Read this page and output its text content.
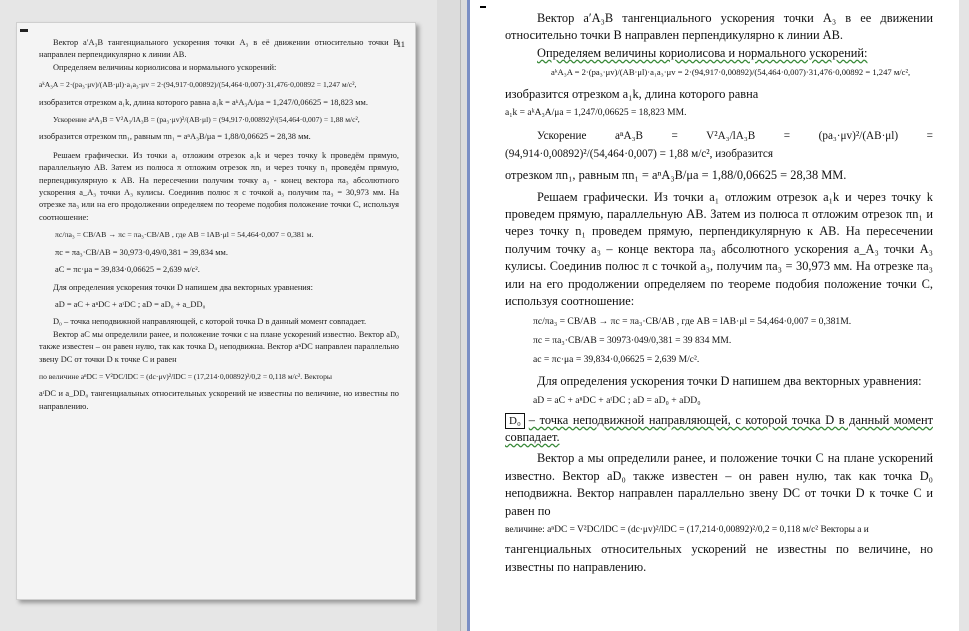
11

Вектор a′A₃B тангенциального ускорения точки A₃ в её движении относительно точки B направлен перпендикулярно к линии AB.

Определяем величины кориолисова и нормального ускорений:

aᵏA₃A = 2·(pa₃·μv)/(AB·μl)·a₁a₃·μv = 2·(94,917·0,00892)/(54,464·0,007)·31,476·0,00892 = 1,247 м/с²,

изобразится отрезком a₁k, длина которого равна a₁k = aᵏA₃A/μa = 1,247/0,06625 = 18,823 мм.

Ускорение aⁿA₃B = V²A₃/lA₃B = (pa₃·μv)²/(AB·μl) = (94,917·0,00892)²/(54,464·0,007) = 1,88 м/с²,

изобразится отрезком πn₁, равным πn₁ = aⁿA₃B/μa = 1,88/0,06625 = 28,38 мм.

Решаем графически. Из точки a₁ отложим отрезок a₁k и через точку k проведём прямую, параллельную AB. Затем из полюса π отложим отрезок πn₁ и через точку n₁ проведём прямую, перпендикулярную к AB. На пересечении получим точку a₃ - конец вектора πa₃ абсолютного ускорения a_A₃ точки A₃ кулисы. Соединив полюс π с точкой a₃ получим πa₃ = 30,973 мм. На отрезке πa₃ или на его продолжении определяем по теореме подобия положение точки C, используя соотношение:

πc/πa₃ = CB/AB → πc = πa₃·CB/AB , где AB = lAB·μl = 54,464·0,007 = 0,381 м.

πc = πa₃·CB/AB = 30,973·0,49/0,381 = 39,834 мм.

aC = πc·μa = 39,834·0,06625 = 2,639 м/с².

Для определения ускорения точки D напишем два векторных уравнения:

aD = aC + aⁿDC + aᵗDC ; aD = aD₀ + a_DD₀

D₀ – точка неподвижной направляющей, с которой точка D в данный момент совпадает.

Вектор aC мы определили ранее, и положение точки c на плане ускорений известно. Вектор aD₀ также известен – он равен нулю, так как точка D₀ неподвижна. Вектор aⁿDC направлен параллельно звену DC от точки D к точке C и равен

по величине aⁿDC = V²DC/lDC = (dc·μv)²/lDC = (17,214·0,00892)²/0,2 = 0,118 м/с². Векторы

aᵗDC и a_DD₀ тангенциальных относительных ускорений не известны по величине, но известны по направлению.

Вектор a′A₃B тангенциального ускорения точки A₃ в ее движении относительно точки B направлен перпендикулярно к линии AB.

Определяем величины кориолисова и нормального ускорений:

aᵏA₃A = 2·(pa₃·μv)/(AB·μl)·a₁a₃·μv = 2·(94,917·0,00892)/(54,464·0,007)·31,476·0,00892 = 1,247 м/с²,

изобразится отрезком a₁k, длина которого равна

a₁k = aᵏA₃A/μa = 1,247/0,06625 = 18,823 ММ.

Ускорение aⁿA₃B = V²A₃/lA₃B = (pa₃·μv)²/(AB·μl) = (94,914·0,00892)²/(54,464·0,007) = 1,88 м/с², изобразится

отрезком πn₁, равным πn₁ = aⁿA₃B/μa = 1,88/0,06625 = 28,38 ММ.

Решаем графически. Из точки a₁ отложим отрезок a₁k и через точку k проведем прямую, параллельную AB. Затем из полюса π отложим отрезок πn₁ и через точку n₁ проведем прямую, перпендикулярную к AB. На пересечении получим точку a₃ – конце вектора πa₃ абсолютного ускорения a_A₃ точки A₃ кулисы. Соединив полюс π с точкой a₃, получим πa₃ = 30,973 мм. На отрезке πa₃ или на его продолжении определяем по теореме подобия положение точки C, используя соотношение:

πc/πa₃ = CB/AB → πc = πa₃·CB/AB , где AB = lAB·μl = 54,464·0,007 = 0,381М.

πc = πa₃·CB/AB = 30973·049/0,381 = 39 834 ММ.

ac = πc·μa = 39,834·0,06625 = 2,639 М/с².

Для определения ускорения точки D напишем два векторных уравнения:

aD = aC + aⁿDC + aᵗDC ; aD = aD₀ + aDD₀

D₀ – точка неподвижной направляющей, с которой точка D в данный момент совпадает.

Вектор a мы определили ранее, и положение точки C на плане ускорений известно. Вектор aD₀ также известен – он равен нулю, так как точка D₀ неподвижна. Вектор направлен параллельно звену DC от точки D к точке C и равен по

величине: aⁿDC = V²DC/lDC = (dc·μv)²/lDC = (17,214·0,00892)²/0,2 = 0,118 м/с² Векторы a и

тангенциальных относительных ускорений не известны по величине, но известны по направлению.
